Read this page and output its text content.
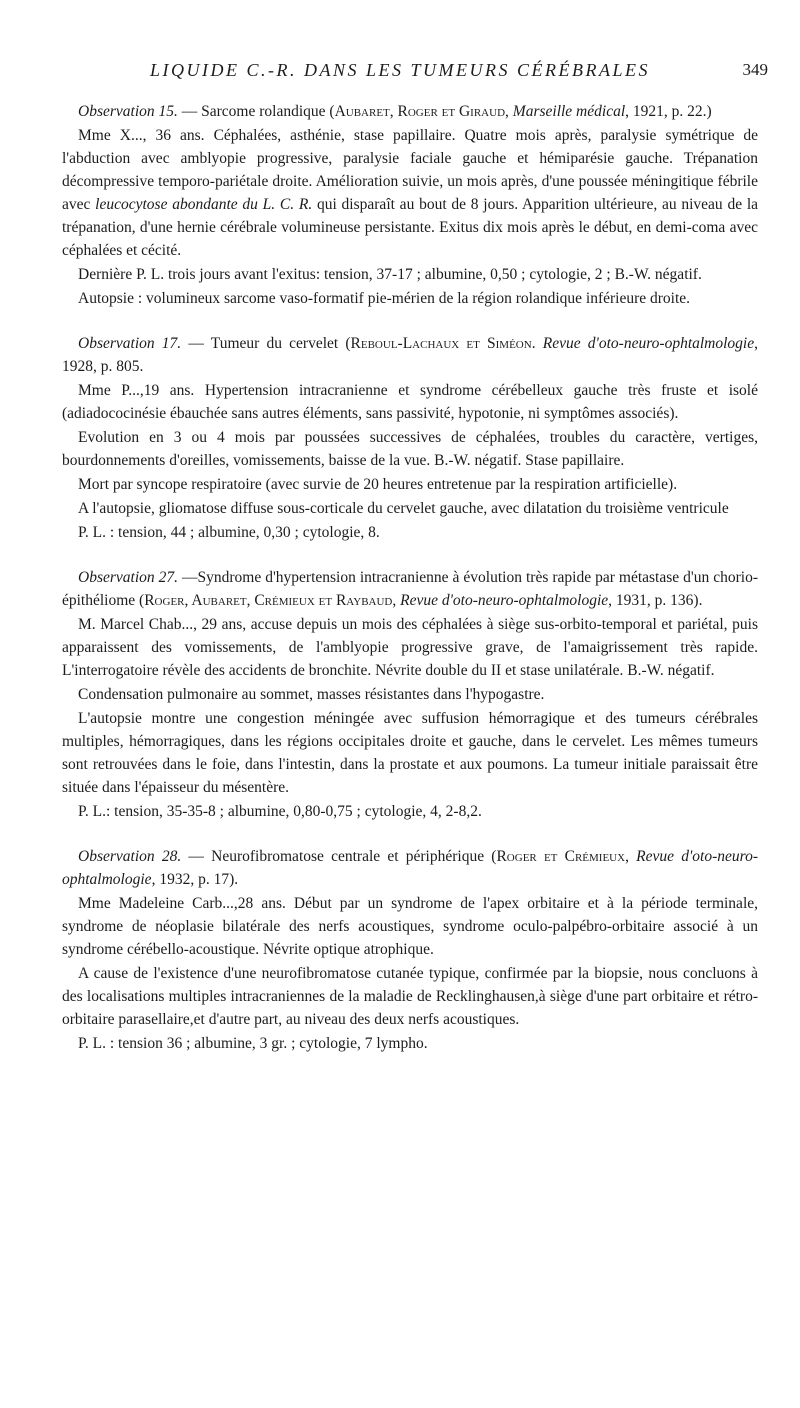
LIQUIDE C.-R. DANS LES TUMEURS CÉRÉBRALES	349

Observation 15. — Sarcome rolandique (Aubaret, Roger et Giraud, Marseille médical, 1921, p. 22.)

Mme X..., 36 ans. Céphalées, asthénie, stase papillaire. Quatre mois après, paralysie symétrique de l'abduction avec amblyopie progressive, paralysie faciale gauche et hémiparésie gauche. Trépanation décompressive temporo-pariétale droite. Amélioration suivie, un mois après, d'une poussée méningitique fébrile avec leucocytose abondante du L. C. R. qui disparaît au bout de 8 jours. Apparition ultérieure, au niveau de la trépanation, d'une hernie cérébrale volumineuse persistante. Exitus dix mois après le début, en demi-coma avec céphalées et cécité.

Dernière P. L. trois jours avant l'exitus: tension, 37-17 ; albumine, 0,50 ; cytologie, 2 ; B.-W. négatif.

Autopsie : volumineux sarcome vaso-formatif pie-mérien de la région rolandique inférieure droite.

Observation 17. — Tumeur du cervelet (Reboul-Lachaux et Siméon. Revue d'oto-neuro-ophtalmologie, 1928, p. 805.

Mme P...,19 ans. Hypertension intracranienne et syndrome cérébelleux gauche très fruste et isolé (adiadococinésie ébauchée sans autres éléments, sans passivité, hypotonie, ni symptômes associés).

Evolution en 3 ou 4 mois par poussées successives de céphalées, troubles du caractère, vertiges, bourdonnements d'oreilles, vomissements, baisse de la vue. B.-W. négatif. Stase papillaire.

Mort par syncope respiratoire (avec survie de 20 heures entretenue par la respiration artificielle).

A l'autopsie, gliomatose diffuse sous-corticale du cervelet gauche, avec dilatation du troisième ventricule

P. L. : tension, 44 ; albumine, 0,30 ; cytologie, 8.

Observation 27. —Syndrome d'hypertension intracranienne à évolution très rapide par métastase d'un chorio-épithéliome (Roger, Aubaret, Crémieux et Raybaud, Revue d'oto-neuro-ophtalmologie, 1931, p. 136).

M. Marcel Chab..., 29 ans, accuse depuis un mois des céphalées à siège sus-orbito-temporal et pariétal, puis apparaissent des vomissements, de l'amblyopie progressive grave, de l'amaigrissement très rapide. L'interrogatoire révèle des accidents de bronchite. Névrite double du II et stase unilatérale. B.-W. négatif.

Condensation pulmonaire au sommet, masses résistantes dans l'hypogastre.

L'autopsie montre une congestion méningée avec suffusion hémorragique et des tumeurs cérébrales multiples, hémorragiques, dans les régions occipitales droite et gauche, dans le cervelet. Les mêmes tumeurs sont retrouvées dans le foie, dans l'intestin, dans la prostate et aux poumons. La tumeur initiale paraissait être située dans l'épaisseur du mésentère.

P. L.: tension, 35-35-8 ; albumine, 0,80-0,75 ; cytologie, 4, 2-8,2.

Observation 28. — Neurofibromatose centrale et périphérique (Roger et Crémieux, Revue d'oto-neuro-ophtalmologie, 1932, p. 17).

Mme Madeleine Carb...,28 ans. Début par un syndrome de l'apex orbitaire et à la période terminale, syndrome de néoplasie bilatérale des nerfs acoustiques, syndrome oculo-palpébro-orbitaire associé à un syndrome cérébello-acoustique. Névrite optique atrophique.

A cause de l'existence d'une neurofibromatose cutanée typique, confirmée par la biopsie, nous concluons à des localisations multiples intracraniennes de la maladie de Recklinghausen,à siège d'une part orbitaire et rétro-orbitaire parasellaire,et d'autre part, au niveau des deux nerfs acoustiques.

P. L. : tension 36 ; albumine, 3 gr. ; cytologie, 7 lympho.
